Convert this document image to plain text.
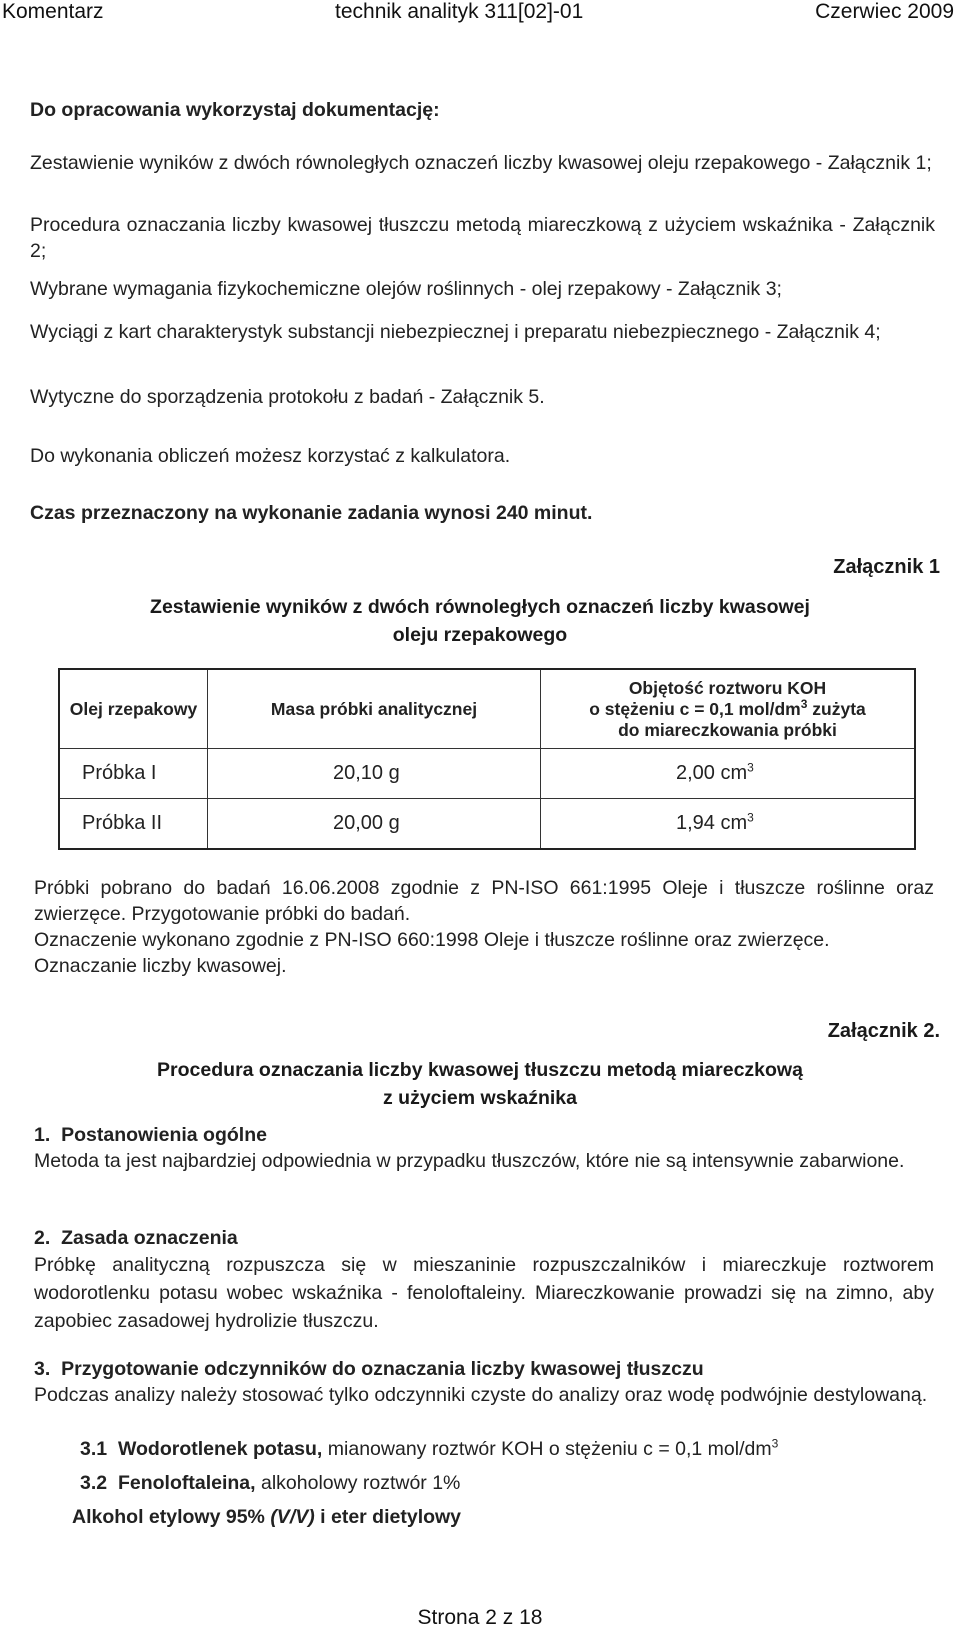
Komentarz	technik analityk 311[02]-01	Czerwiec 2009
Do opracowania wykorzystaj dokumentację:
Zestawienie wyników z dwóch równoległych oznaczeń liczby kwasowej oleju rzepakowego - Załącznik 1;
Procedura oznaczania liczby kwasowej tłuszczu metodą miareczkową z użyciem wskaźnika - Załącznik 2;
Wybrane wymagania fizykochemiczne olejów roślinnych - olej rzepakowy - Załącznik 3;
Wyciągi z kart charakterystyk substancji niebezpiecznej i preparatu niebezpiecznego - Załącznik 4;
Wytyczne do sporządzenia protokołu z badań - Załącznik 5.
Do wykonania obliczeń możesz korzystać z kalkulatora.
Czas przeznaczony na wykonanie zadania wynosi 240 minut.
Załącznik 1
Zestawienie wyników z dwóch równoległych oznaczeń liczby kwasowej
oleju rzepakowego
Olej rzepakowy	Masa próbki analitycznej	Objętość roztworu KOH
o stężeniu c = 0,1 mol/$dm^3$ zużyta
do miareczkowania próbki

Próbka I	20,10 g	2,00 $cm^3$
Próbka II	20,00 g	1,94 $cm^3$
Próbki pobrano do badań 16.06.2008 zgodnie z PN-ISO 661:1995 Oleje i tłuszcze roślinne oraz zwierzęce. Przygotowanie próbki do badań.
Oznaczenie wykonano zgodnie z PN-ISO 660:1998 Oleje i tłuszcze roślinne oraz zwierzęce. Oznaczanie liczby kwasowej.
Załącznik 2.
Procedura oznaczania liczby kwasowej tłuszczu metodą miareczkową
z użyciem wskaźnika
1. Postanowienia ogólne
Metoda ta jest najbardziej odpowiednia w przypadku tłuszczów, które nie są intensywnie zabarwione.
2. Zasada oznaczenia
Próbkę analityczną rozpuszcza się w mieszaninie rozpuszczalników i miareczkuje roztworem wodorotlenku potasu wobec wskaźnika - fenoloftaleiny. Miareczkowanie prowadzi się na zimno, aby zapobiec zasadowej hydrolizie tłuszczu.
3. Przygotowanie odczynników do oznaczania liczby kwasowej tłuszczu
Podczas analizy należy stosować tylko odczynniki czyste do analizy oraz wodę podwójnie destylowaną.
3.1 Wodorotlenek potasu, mianowany roztwór KOH o stężeniu c = 0,1 mol/$dm^3$
3.2 Fenoloftaleina, alkoholowy roztwór 1%
Alkohol etylowy 95% (V/V) i eter dietylowy
Strona 2 z 18
